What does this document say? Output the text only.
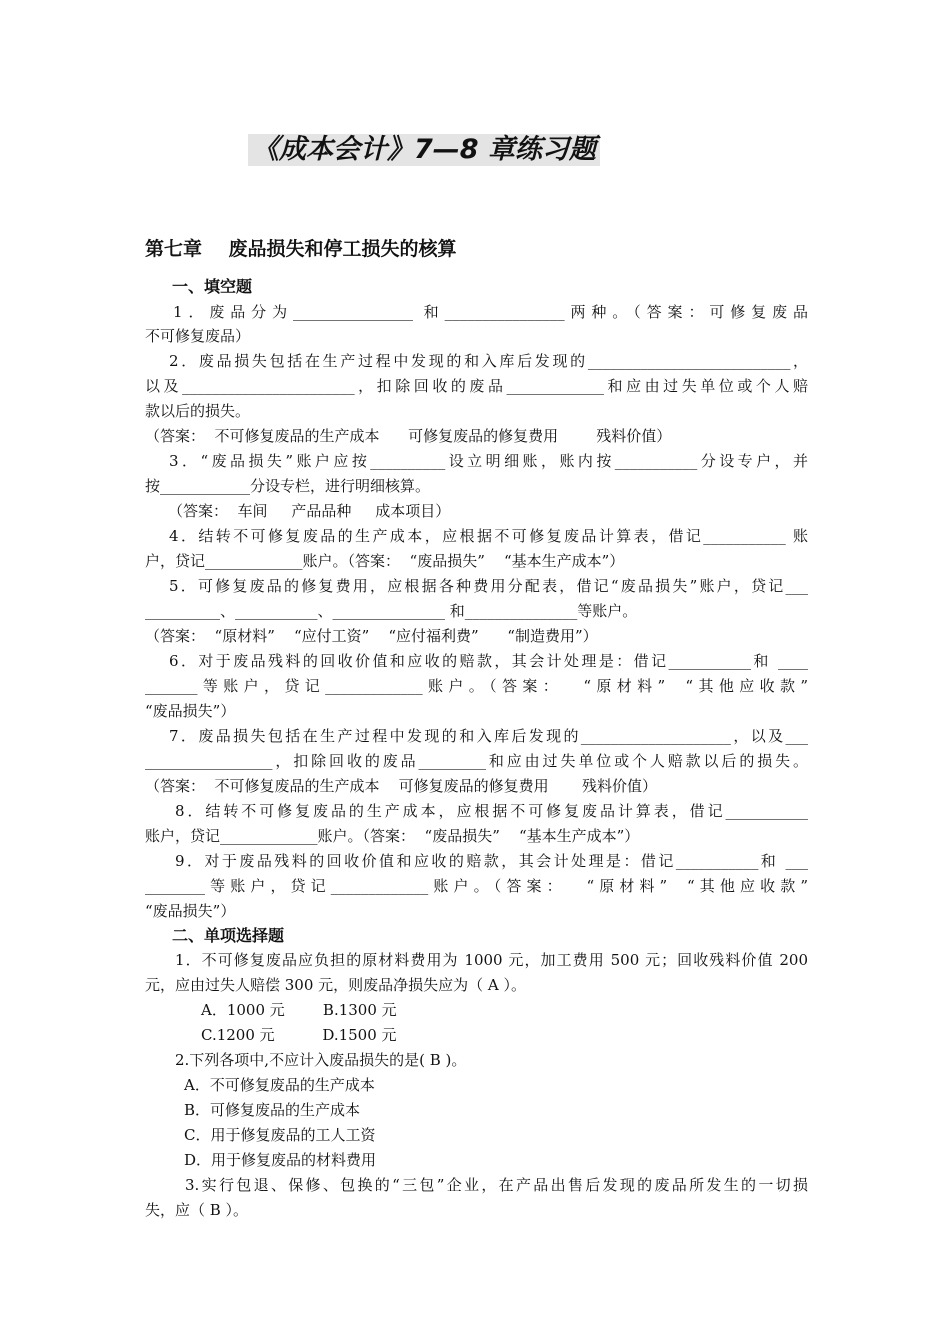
《成本会计》7—8 章练习题
第七章    废品损失和停工损失的核算
一、填空题
1．废品分为________________ 和________________两种。（答案：可修复废品
不可修复废品）
2．废品损失包括在生产过程中发现的和入库后发现的___________________________，
以及_______________________，扣除回收的废品_____________和应由过失单位或个人赔
款以后的损失。
（答案：  不可修复废品的生产成本      可修复废品的修复费用        残料价值）
3．“废品损失”账户应按__________设立明细账，账内按___________分设专户，并
按____________分设专栏，进行明细核算。
（答案：  车间     产品品种     成本项目）
4．结转不可修复废品的生产成本，应根据不可修复废品计算表，借记___________ 账
户，贷记_____________账户。（答案：  “废品损失”    “基本生产成本”）
5．可修复废品的修复费用，应根据各种费用分配表，借记“废品损失”账户，贷记___
__________、___________、_______________ 和_______________等账户。
（答案：  “原材料”    “应付工资”    “应付福利费”      “制造费用”）
6．对于废品残料的回收价值和应收的赔款，其会计处理是：借记___________和 ____
_______等账户，贷记_____________账户。（答案：  “原材料”  “其他应收款”
“废品损失”）
7．废品损失包括在生产过程中发现的和入库后发现的____________________，以及___
_________________，扣除回收的废品_________和应由过失单位或个人赔款以后的损失。
（答案：  不可修复废品的生产成本    可修复废品的修复费用       残料价值）
8．结转不可修复废品的生产成本，应根据不可修复废品计算表，借记___________
账户，贷记_____________账户。（答案：  “废品损失”    “基本生产成本”）
9．对于废品残料的回收价值和应收的赔款，其会计处理是：借记___________和 ___
________等账户，贷记_____________账户。（答案：  “原材料”  “其他应收款”
“废品损失”）
二、单项选择题
1．不可修复废品应负担的原材料费用为 1000 元，加工费用 500 元；回收残料价值 200
元，应由过失人赔偿 300 元，则废品净损失应为（ A ）。
A．1000 元        B.1300 元
C.1200 元          D.1500 元
2.下列各项中,不应计入废品损失的是( B )。
A．不可修复废品的生产成本
B．可修复废品的生产成本
C．用于修复废品的工人工资
D．用于修复废品的材料费用
3.实行包退、保修、包换的“三包”企业，在产品出售后发现的废品所发生的一切损
失，应（ B ）。
